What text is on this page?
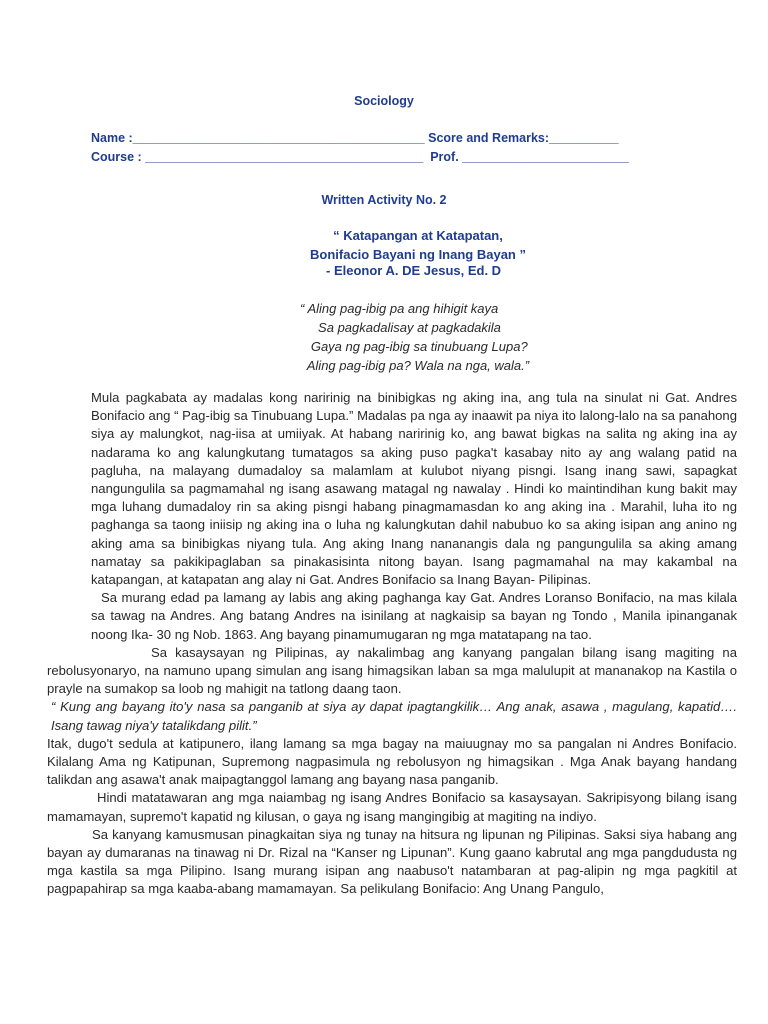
Sociology
Name :__________________________________________ Score and Remarks:__________
Course : ________________________________________  Prof. ________________________
Written Activity No. 2
“ Katapangan at Katapatan,
Bonifacio Bayani ng Inang Bayan ”
- Eleonor A. DE Jesus, Ed. D
“ Aling pag-ibig pa ang hihigit kaya
Sa pagkadalisay at pagkadakila
Gaya ng pag-ibig sa tinubuang Lupa?
Aling pag-ibig pa? Wala na nga, wala.”

Mula pagkabata ay madalas kong naririnig na binibigkas ng aking ina, ang tula na sinulat ni Gat. Andres Bonifacio ang “ Pag-ibig sa Tinubuang Lupa.” Madalas pa nga ay inaawit pa niya ito lalong-lalo na sa panahong siya ay malungkot, nag-iisa at umiiyak. At habang naririnig ko, ang bawat bigkas na salita ng aking ina ay nadarama ko ang kalungkutang tumatagos sa aking puso pagka't kasabay nito ay ang walang patid na pagluha, na malayang dumadaloy sa malamlam at kulubot niyang pisngi. Isang inang sawi, sapagkat nangungulila sa pagmamahal ng isang asawang matagal ng nawalay . Hindi ko maintindihan kung bakit may mga luhang dumadaloy rin sa aking pisngi habang pinagmamasdan ko ang aking ina . Marahil, luha ito ng paghanga sa taong iniisip ng aking ina o luha ng kalungkutan dahil nabubuo ko sa aking isipan ang anino ng aking ama sa binibigkas niyang tula. Ang aking Inang nananangis dala ng pangungulila sa aking amang namatay sa pakikipaglaban sa pinakasisinta nitong bayan. Isang pagmamahal na may kakambal na katapangan, at katapatan ang alay ni Gat. Andres Bonifacio sa Inang Bayan- Pilipinas.

Sa murang edad pa lamang ay labis ang aking paghanga kay Gat. Andres Loranso Bonifacio, na mas kilala sa tawag na Andres. Ang batang Andres na isinilang at nagkaisip sa bayan ng Tondo , Manila ipinanganak noong Ika- 30 ng Nob. 1863. Ang bayang pinamumugaran ng mga matatapang na tao.

Sa kasaysayan ng Pilipinas, ay nakalimbag ang kanyang pangalan bilang isang magiting na rebolusyonaryo, na namuno upang simulan ang isang himagsikan laban sa mga malulupit at mananakop na Kastila o prayle na sumakop sa loob ng mahigit na tatlong daang taon.

“ Kung ang bayang ito'y nasa sa panganib at siya ay dapat ipagtangkilik… Ang anak, asawa , magulang, kapatid…. Isang tawag niya'y tatalikdang pilit.”

Itak, dugo't sedula at katipunero, ilang lamang sa mga bagay na maiuugnay mo sa pangalan ni Andres Bonifacio. Kilalang Ama ng Katipunan, Supremong nagpasimula ng rebolusyon ng himagsikan . Mga Anak bayang handang talikdan ang asawa't anak maipagtanggol lamang ang bayang nasa panganib.

Hindi matatawaran ang mga naiambag ng isang Andres Bonifacio sa kasaysayan. Sakripisyong bilang isang mamamayan, supremo't kapatid ng kilusan, o gaya ng isang mangingibig at magiting na indiyo.

Sa kanyang kamusmusan pinagkaitan siya ng tunay na hitsura ng lipunan ng Pilipinas. Saksi siya habang ang bayan ay dumaranas na tinawag ni Dr. Rizal na “Kanser ng Lipunan”. Kung gaano kabrutal ang mga pangdudusta ng mga kastila sa mga Pilipino. Isang murang isipan ang naabuso't natambaran at pag-alipin ng mga pagkitil at pagpapahirap sa mga kaaba-abang mamamayan. Sa pelikulang Bonifacio: Ang Unang Pangulo,
